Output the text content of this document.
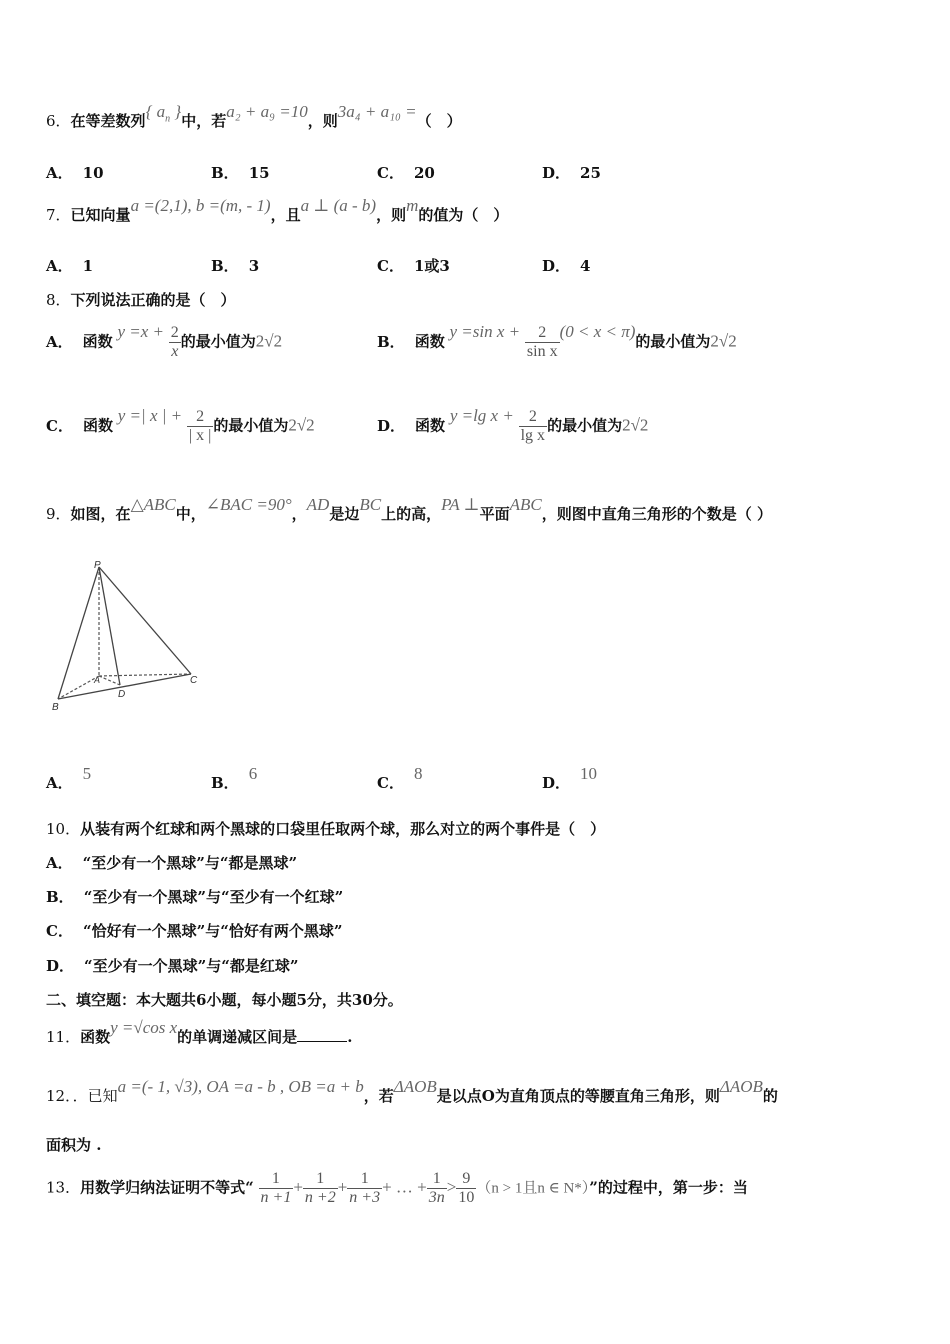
6．在等差数列{ $a_n$ }中，若a₂ + a₉ =10，则3a₄ + a₁₀ =（　）
A． 10	B． 15	C． 20	D． 25
7．已知向量a =(2,1), b =(m, - 1)，且a ⊥ (a - b)，则m的值为（　）
A． 1	B． 3	C． 1或3	D． 4
8．下列说法正确的是（　）
A． 函数 $y =x + \frac{2}{x}$ 的最小值为2√2	B． 函数 y =sin $x + \frac{2}{\text{sin x}} (0 < x < \pi)$的最小值为2√2
C． 函数 y =| x | + $\frac{2}{| x |}$ 的最小值为2√2	D． 函数 y =lg $x + \frac{2}{\text{lg x}}$ 的最小值为2√2
9．如图，在△ABC中，∠BAC =90°，AD是边BC上的高，PA ⊥平面ABC，则图中直角三角形的个数是（ ）
P
A
B
C
D
A． 5	B． 6	C． 8	D． 10
10．从装有两个红球和两个黑球的口袋里任取两个球，那么对立的两个事件是（　）
A． “至少有一个黑球”与“都是黑球”
B． “至少有一个黑球”与“至少有一个红球”
C． “恰好有一个黑球”与“恰好有两个黑球”
D． “至少有一个黑球”与“都是红球”
二、填空题：本大题共6小题，每小题5分，共30分。
11．函数y =√cos x的单调递减区间是	.
12．．已知a =(- 1, √3), OA =a - b , OB =a + b，若ΔAOB是以点O为直角顶点的等腰直角三角形，则ΔAOB的
面积为 .
13．用数学归纳法证明不等式“ $\frac{1}{n +1} + \frac{1}{n +2} + \frac{1}{n +3}$ + … + $\frac{1}{3n} > \frac{9}{10} (n > 1$且n ∈ N*）”的过程中，第一步：当
